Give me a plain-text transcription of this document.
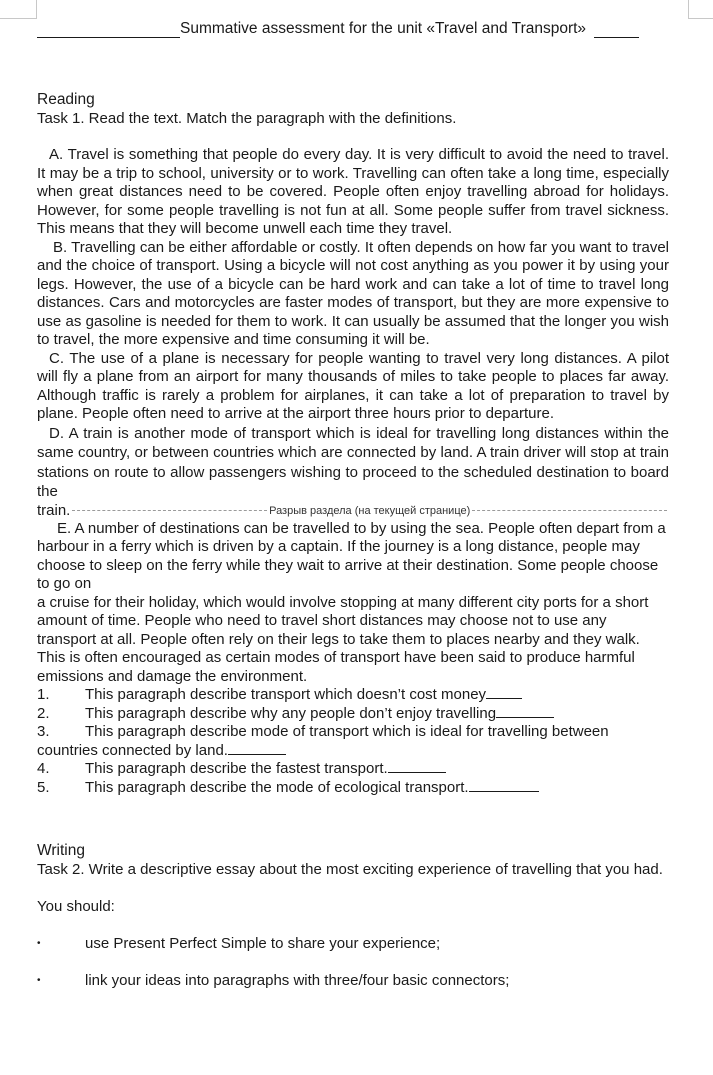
Summative assessment for the unit «Travel and Transport»

Reading

Task 1. Read the text. Match the paragraph with the definitions.

A. Travel is something that people do every day. It is very difficult to avoid the need to travel. It may be a trip to school, university or to work. Travelling can often take a long time, especially when great distances need to be covered. People often enjoy travelling abroad for holidays. However, for some people travelling is not fun at all. Some people suffer from travel sickness. This means that they will become unwell each time they travel.

B. Travelling can be either affordable or costly. It often depends on how far you want to travel and the choice of transport. Using a bicycle will not cost anything as you power it by using your legs. However, the use of a bicycle can be hard work and can take a lot of time to travel long distances. Cars and motorcycles are faster modes of transport, but they are more expensive to use as gasoline is needed for them to work. It can usually be assumed that the longer you wish to travel, the more expensive and time consuming it will be.

C. The use of a plane is necessary for people wanting to travel very long distances. A pilot will fly a plane from an airport for many thousands of miles to take people to places far away. Although traffic is rarely a problem for airplanes, it can take a lot of preparation to travel by plane. People often need to arrive at the airport three hours prior to departure.

D. A train is another mode of transport which is ideal for travelling long distances within the same country, or between countries which are connected by land. A train driver will stop at train stations on route to allow passengers wishing to proceed to the scheduled destination to board the

train.	Разрыв раздела (на текущей странице)

E. A number of destinations can be travelled to by using the sea. People often depart from a harbour in a ferry which is driven by a captain. If the journey is a long distance, people may choose to sleep on the ferry while they wait to arrive at their destination. Some people choose to go on

a cruise for their holiday, which would involve stopping at many different city ports for a short amount of time. People who need to travel short distances may choose not to use any transport at all. People often rely on their legs to take them to places nearby and they walk. This is often encouraged as certain modes of transport have been said to produce harmful emissions and damage the environment.

1.	This paragraph describe transport which doesn’t cost money
2.	This paragraph describe why any people don’t enjoy travelling
3.	This paragraph describe mode of transport which is ideal for travelling between
countries connected by land.
4.	This paragraph describe the fastest transport.
5.	This paragraph describe the mode of ecological transport.

Writing

Task 2. Write a descriptive essay about the most exciting experience of travelling that you had.

You should:

•	use Present Perfect Simple to share your experience;
•	link your ideas into paragraphs with three/four basic connectors;
